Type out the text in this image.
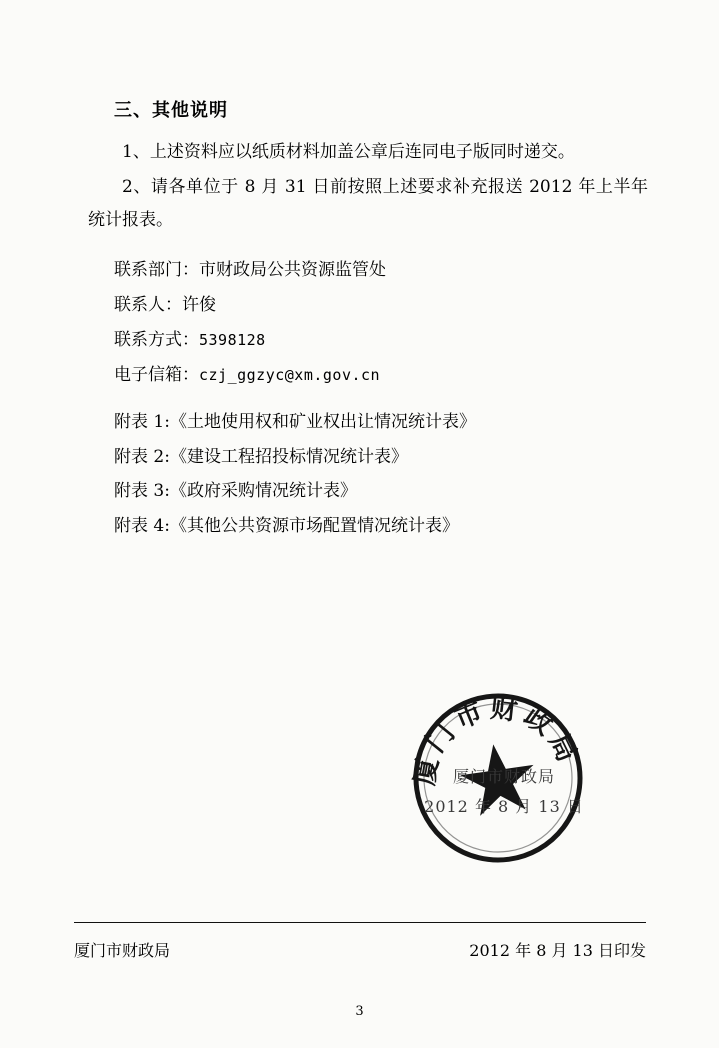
三、其他说明

1、上述资料应以纸质材料加盖公章后连同电子版同时递交。

2、请各单位于 8 月 31 日前按照上述要求补充报送 2012 年上半年统计报表。

联系部门：市财政局公共资源监管处

联系人：许俊

联系方式：5398128

电子信箱：czj_ggzyc@xm.gov.cn

附表 1:《土地使用权和矿业权出让情况统计表》

附表 2:《建设工程招投标情况统计表》

附表 3:《政府采购情况统计表》

附表 4:《其他公共资源市场配置情况统计表》

厦门市财政局
厦门市财政局
2012 年 8 月 13 日
厦门市财政局	2012 年 8 月 13 日印发
3
